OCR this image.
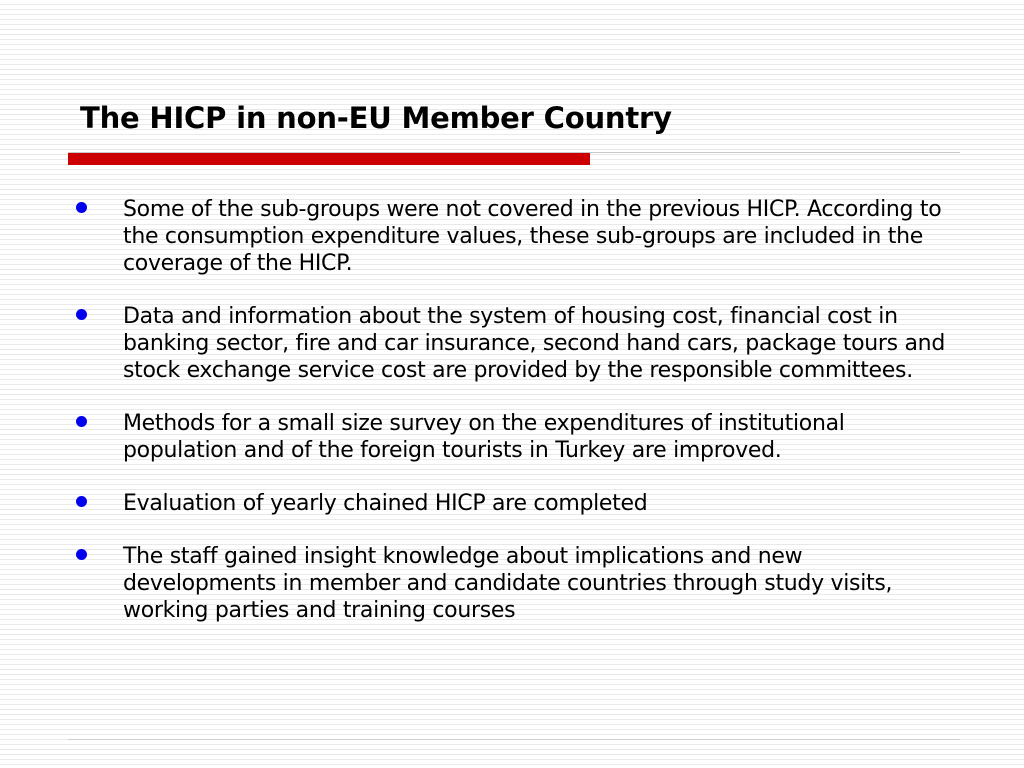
The HICP in non-EU Member Country
Some of the sub-groups were not covered in the previous HICP. According to the consumption expenditure values, these sub-groups are included in the coverage of the HICP.
Data and information about the system of housing cost, financial cost in banking sector, fire and car insurance, second hand cars, package tours and stock exchange service cost are provided by the responsible committees.
Methods for a small size survey on the expenditures of institutional population and of the foreign tourists in Turkey are improved.
Evaluation of yearly chained HICP are completed
The staff gained insight knowledge about implications and new developments in member and candidate countries through study visits, working parties and training courses
